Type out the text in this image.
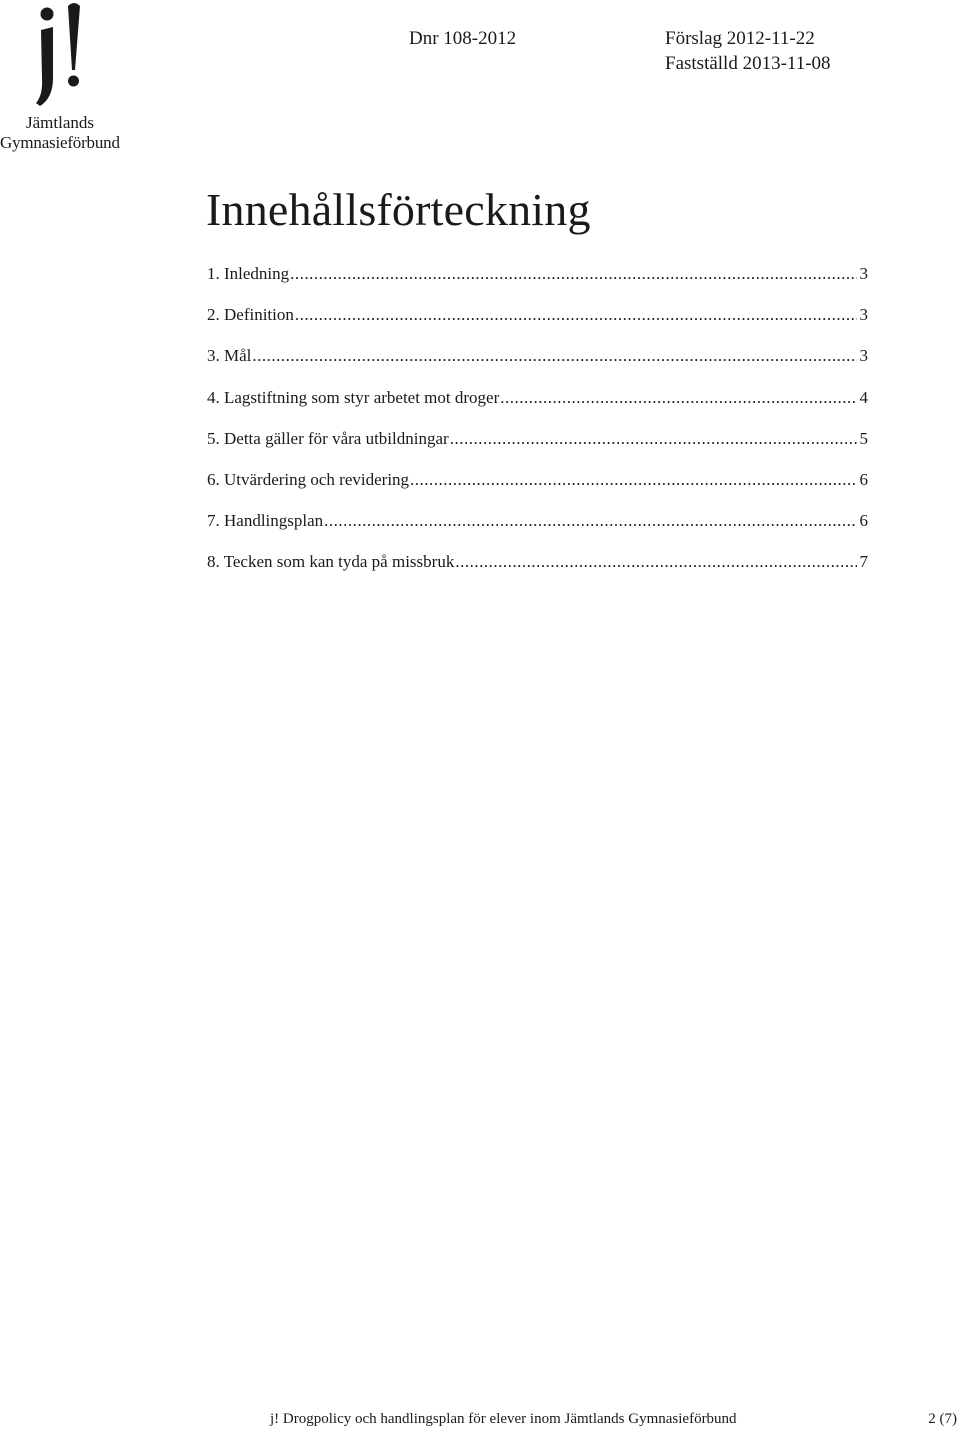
Jämtlands
Gymnasieförbund
Dnr 108-2012	Förslag 2012-11-22
Fastställd 2013-11-08
Innehållsförteckning
1. Inledning .....	3
2. Definition .....	3
3. Mål .....	3
4. Lagstiftning som styr arbetet mot droger .....	4
5. Detta gäller för våra utbildningar .....	5
6. Utvärdering och revidering .....	6
7. Handlingsplan .....	6
8. Tecken som kan tyda på missbruk .....	7
j! Drogpolicy och handlingsplan för elever inom Jämtlands Gymnasieförbund	2 (7)
